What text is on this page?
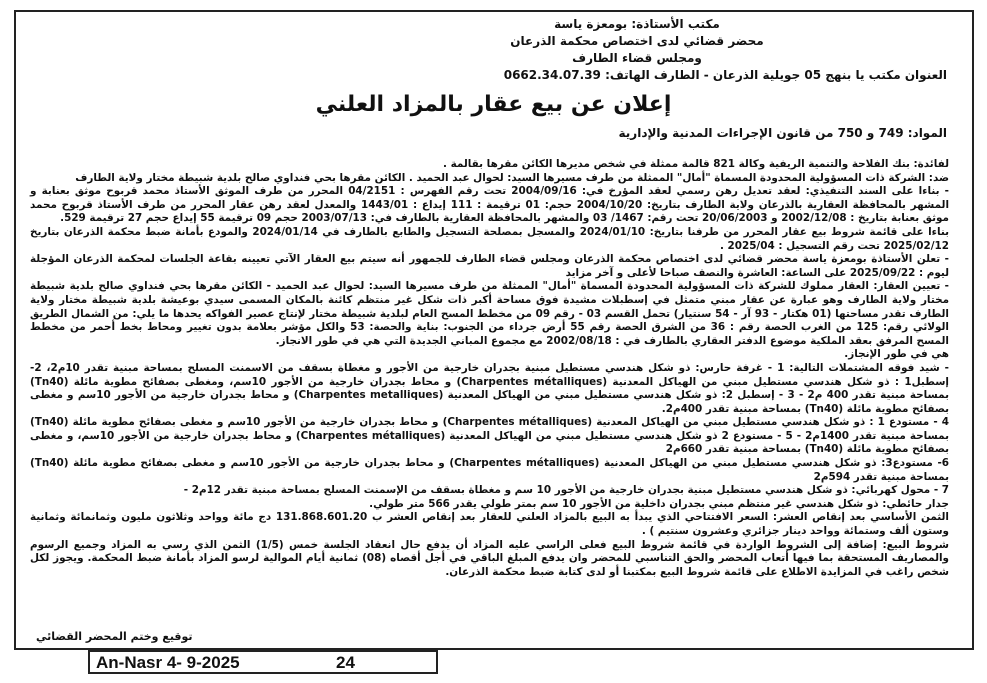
مكتب الأستاذة: بومعزة ياسة
محضر قضائي لدى اختصاص محكمة الذرعان
ومجلس قضاء الطارف
العنوان مكتب يا بنهج 05 جويلية الذرعان - الطارف الهاتف: 0662.34.07.39
إعلان عن بيع عقار بالمزاد العلني
المواد: 749 و 750 من قانون الإجراءات المدنية والإدارية

لفائدة: بنك الفلاحة والتنمية الريفية وكالة 821 قالمة ممثلة في شخص مديرها الكائن مقرها بقالمة .

ضد: الشركة ذات المسؤولية المحدودة المسماة "أمال" الممثلة من طرف مسيرها السيد: لحوال عبد الحميد . الكائن مقرها بحي فنداوي صالح بلدية شبيطة مختار ولاية الطارف

- بناءا على السند التنفيذي: لعقد تعديل رهن رسمي لعقد المؤرخ في: 2004/09/16 تحت رقم الفهرس : 04/2151 المحرر من طرف الموثق الأستاذ محمد قربوح موثق بعنابة و المشهر بالمحافظة العقارية بالذرعان ولاية الطارف بتاريخ: 2004/10/20 حجم: 01 ترقيمة : 111 إيداع : 1443/01 والمعدل لعقد رهن عقار المحرر من طرف الأستاذ قربوح محمد موثق بعنابة بتاريخ : 2002/12/08 و 20/06/2003 تحت رقم: 1467/ 03 والمشهر بالمحافظة العقارية بالطارف في: 2003/07/13 حجم 09 ترقيمة 55 إيداع حجم 27 ترقيمة 529.

بناءا على قائمة شروط بيع عقار المحرر من طرفنا بتاريخ: 2024/01/10 والمسجل بمصلحة التسجيل والطابع بالطارف في 2024/01/14 والمودع بأمانة ضبط محكمة الذرعان بتاريخ 2025/02/12 تحت رقم التسجيل : 2025/04 .

- تعلن الأستاذة بومعزة ياسة محضر قضائي لدى اختصاص محكمة الذرعان ومجلس قضاء الطارف للجمهور أنه سيتم بيع العقار الآتي تعيينه بقاعة الجلسات لمحكمة الذرعان المؤجلة ليوم : 2025/09/22 على الساعة: العاشرة والنصف صباحا لأعلى و آخر مزايد

- تعيين العقار: العقار مملوك للشركة ذات المسؤولية المحدودة المسماة "أمال" الممثلة من طرف مسيرها السيد: لحوال عبد الحميد - الكائن مقرها بحي فنداوي صالح بلدية شبيطة مختار ولاية الطارف وهو عبارة عن عقار مبني متمثل في إسطبلات مشيدة فوق مساحة أكبر ذات شكل غير منتظم كائنة بالمكان المسمى سيدي بوعيشة بلدية شبيطة مختار ولاية الطارف تقدر مساحتها (01 هكتار - 93 آر - 54 سنتيار) تحمل القسم 03 - رقم 09 من مخطط المسح العام لبلدية شبيطة مختار لإنتاج عصير الفواكه يحدها ما يلي: من الشمال الطريق الولائي رقم: 125 من الغرب الحصة رقم : 36 من الشرق الحصة رقم 55 أرض جرداء من الجنوب: بناية والحصة: 53 والكل مؤشر بعلامة بدون تغيير ومحاط بخط أحمر من مخطط المسح المرفق بعقد الملكية موضوع الدفتر العقاري بالطارف في : 2002/08/18 مع مجموع المباني الجديدة التي هي في طور الانجاز.

هي في طور الإنجاز.

- شيد فوقه المشتملات التالية: 1 - غرفة حارس: ذو شكل هندسي مستطيل مبنية بجدران خارجية من الأجور و مغطاة بسقف من الاسمنت المسلح بمساحة مبنية تقدر 10م2، 2- إسطبل1 : ذو شكل هندسي مستطيل مبني من الهياكل المعدنية (Charpentes métalliques) و محاط بجدران خارجية من الأجور 10سم، ومغطى بصفائح مطوية مائلة (Tn40) بمساحة مبنية تقدر 400 م2 - 3 - إسطبل 2: ذو شكل هندسي مستطيل مبني من الهياكل المعدنية (Charpentes metalliques) و محاط بجدران خارجية من الأجور 10سم و مغطى بصفائح مطوية مائلة (Tn40) بمساحة مبنية تقدر 400م2.

4 - مستودع 1 : ذو شكل هندسي مستطيل مبني من الهياكل المعدنية (Charpentes métalliques) و محاط بجدران خارجية من الأجور 10سم و مغطى بصفائح مطوية مائلة (Tn40) بمساحة مبنية تقدر 1400م2 - 5 - مستودع 2 ذو شكل هندسي مستطيل مبني من الهياكل المعدنية (Charpentes métalliques) و محاط بجدران خارجية من الأجور 10سم، و مغطى بصفائح مطوية مائلة (Tn40) بمساحة مبنية تقدر 660م2

6- مستودع3: ذو شكل هندسي مستطيل مبني من الهياكل المعدنية (Charpentes métalliques) و محاط بجدران خارجية من الأجور 10سم و مغطى بصفائح مطوية مائلة (Tn40) بمساحة مبنية تقدر 594م2

7 - محول كهربائي: ذو شكل هندسي مستطيل مبنية بجدران خارجية من الأجور 10 سم و مغطاة بسقف من الإسمنت المسلح بمساحة مبنية تقدر 12م2 -

جدار حائطي: ذو شكل هندسي غير منتظم مبني بجدران داخلية من الأجور 10 سم بمتر طولي يقدر 566 متر طولي.

الثمن الأساسي بعد إنقاص العشر: السعر الافتتاحي الذي يبدأ به البيع بالمزاد العلني للعقار بعد إنقاص العشر ب 131.868.601.20 دج مائة وواحد وثلاثون مليون وثمانمائة وثمانية وستون ألف وستمائة وواحد دينار جزائري وعشرون سنتيم ) .

شروط البيع: إضافة إلى الشروط الواردة في قائمة شروط البيع فعلى الراسي عليه المزاد أن يدفع حال انعقاد الجلسة خمس (1/5) الثمن الذي رسي به المزاد وجميع الرسوم والمصاريف المستحقة بما فيها أتعاب المحضر والحق التناسبي للمحضر وان يدفع المبلغ الباقي في أجل أقصاه (08) ثمانية أيام الموالية لرسو المزاد بأمانة ضبط المحكمة. ويجوز لكل شخص راغب في المزايدة الاطلاع على قائمة شروط البيع بمكتبنا أو لدى كتابة ضبط محكمة الذرعان.

توقيع وختم المحضر القضائي
An-Nasr 4- 9-2025	24
